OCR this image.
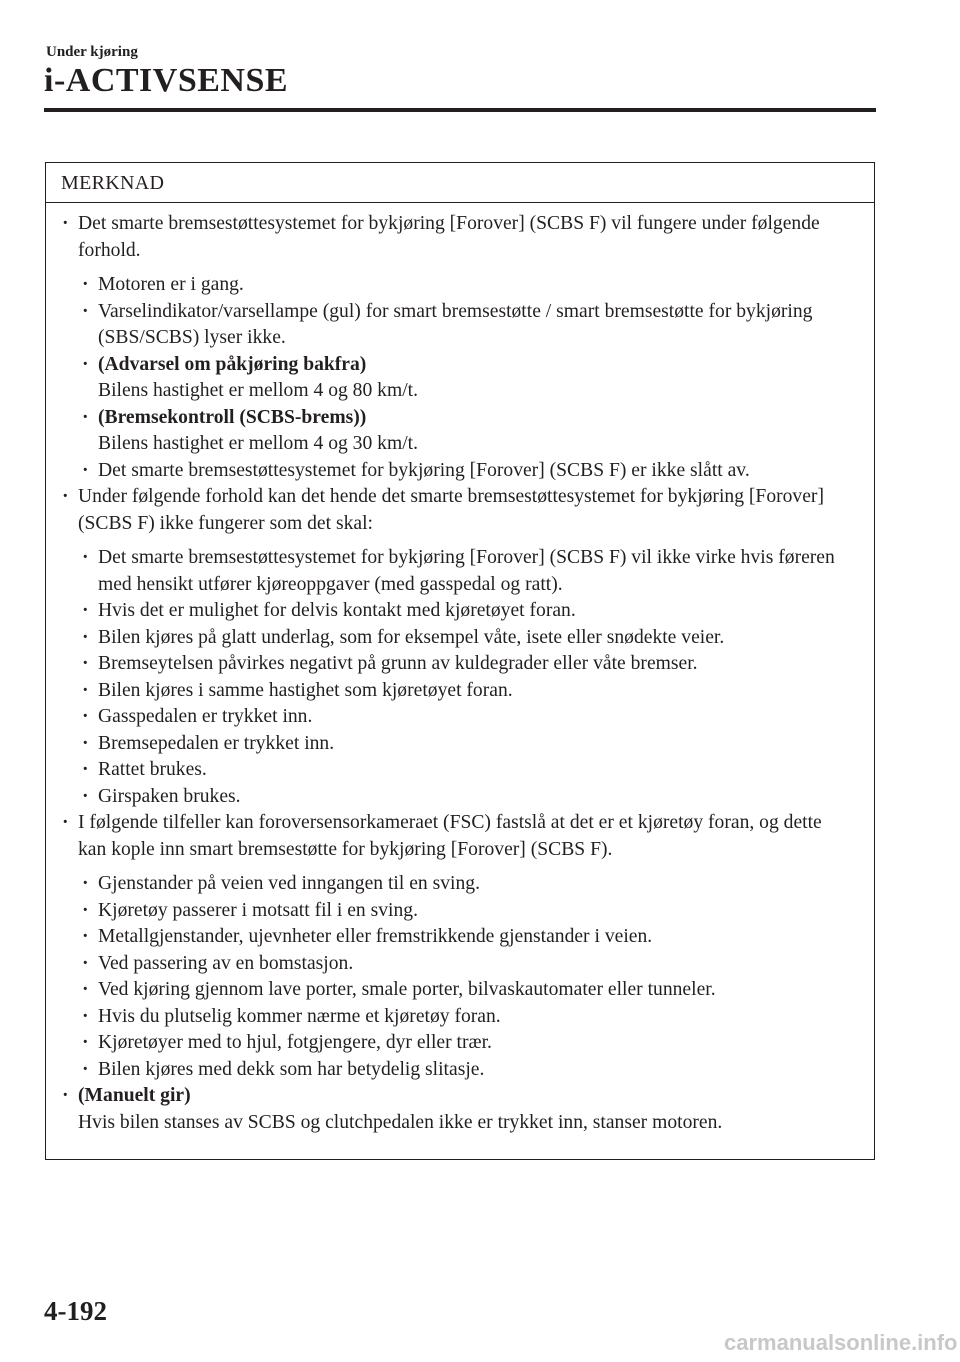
Under kjøring

i-ACTIVSENSE
MERKNAD
· Det smarte bremsestøttesystemet for bykjøring [Forover] (SCBS F) vil fungere under følgende forhold.
· Motoren er i gang.
· Varselindikator/varsellampe (gul) for smart bremsestøtte / smart bremsestøtte for bykjøring (SBS/SCBS) lyser ikke.
· (Advarsel om påkjøring bakfra)
Bilens hastighet er mellom 4 og 80 km/t.
· (Bremsekontroll (SCBS-brems))
Bilens hastighet er mellom 4 og 30 km/t.
· Det smarte bremsestøttesystemet for bykjøring [Forover] (SCBS F) er ikke slått av.
· Under følgende forhold kan det hende det smarte bremsestøttesystemet for bykjøring [Forover] (SCBS F) ikke fungerer som det skal:
· Det smarte bremsestøttesystemet for bykjøring [Forover] (SCBS F) vil ikke virke hvis føreren med hensikt utfører kjøreoppgaver (med gasspedal og ratt).
· Hvis det er mulighet for delvis kontakt med kjøretøyet foran.
· Bilen kjøres på glatt underlag, som for eksempel våte, isete eller snødekte veier.
· Bremseytelsen påvirkes negativt på grunn av kuldegrader eller våte bremser.
· Bilen kjøres i samme hastighet som kjøretøyet foran.
· Gasspedalen er trykket inn.
· Bremsepedalen er trykket inn.
· Rattet brukes.
· Girspaken brukes.
· I følgende tilfeller kan foroversensorkameraet (FSC) fastslå at det er et kjøretøy foran, og dette kan kople inn smart bremsestøtte for bykjøring [Forover] (SCBS F).
· Gjenstander på veien ved inngangen til en sving.
· Kjøretøy passerer i motsatt fil i en sving.
· Metallgjenstander, ujevnheter eller fremstrikkende gjenstander i veien.
· Ved passering av en bomstasjon.
· Ved kjøring gjennom lave porter, smale porter, bilvaskautomater eller tunneler.
· Hvis du plutselig kommer nærme et kjøretøy foran.
· Kjøretøyer med to hjul, fotgjengere, dyr eller trær.
· Bilen kjøres med dekk som har betydelig slitasje.
· (Manuelt gir)
Hvis bilen stanses av SCBS og clutchpedalen ikke er trykket inn, stanser motoren.

4-192

carmanualsonline.info
